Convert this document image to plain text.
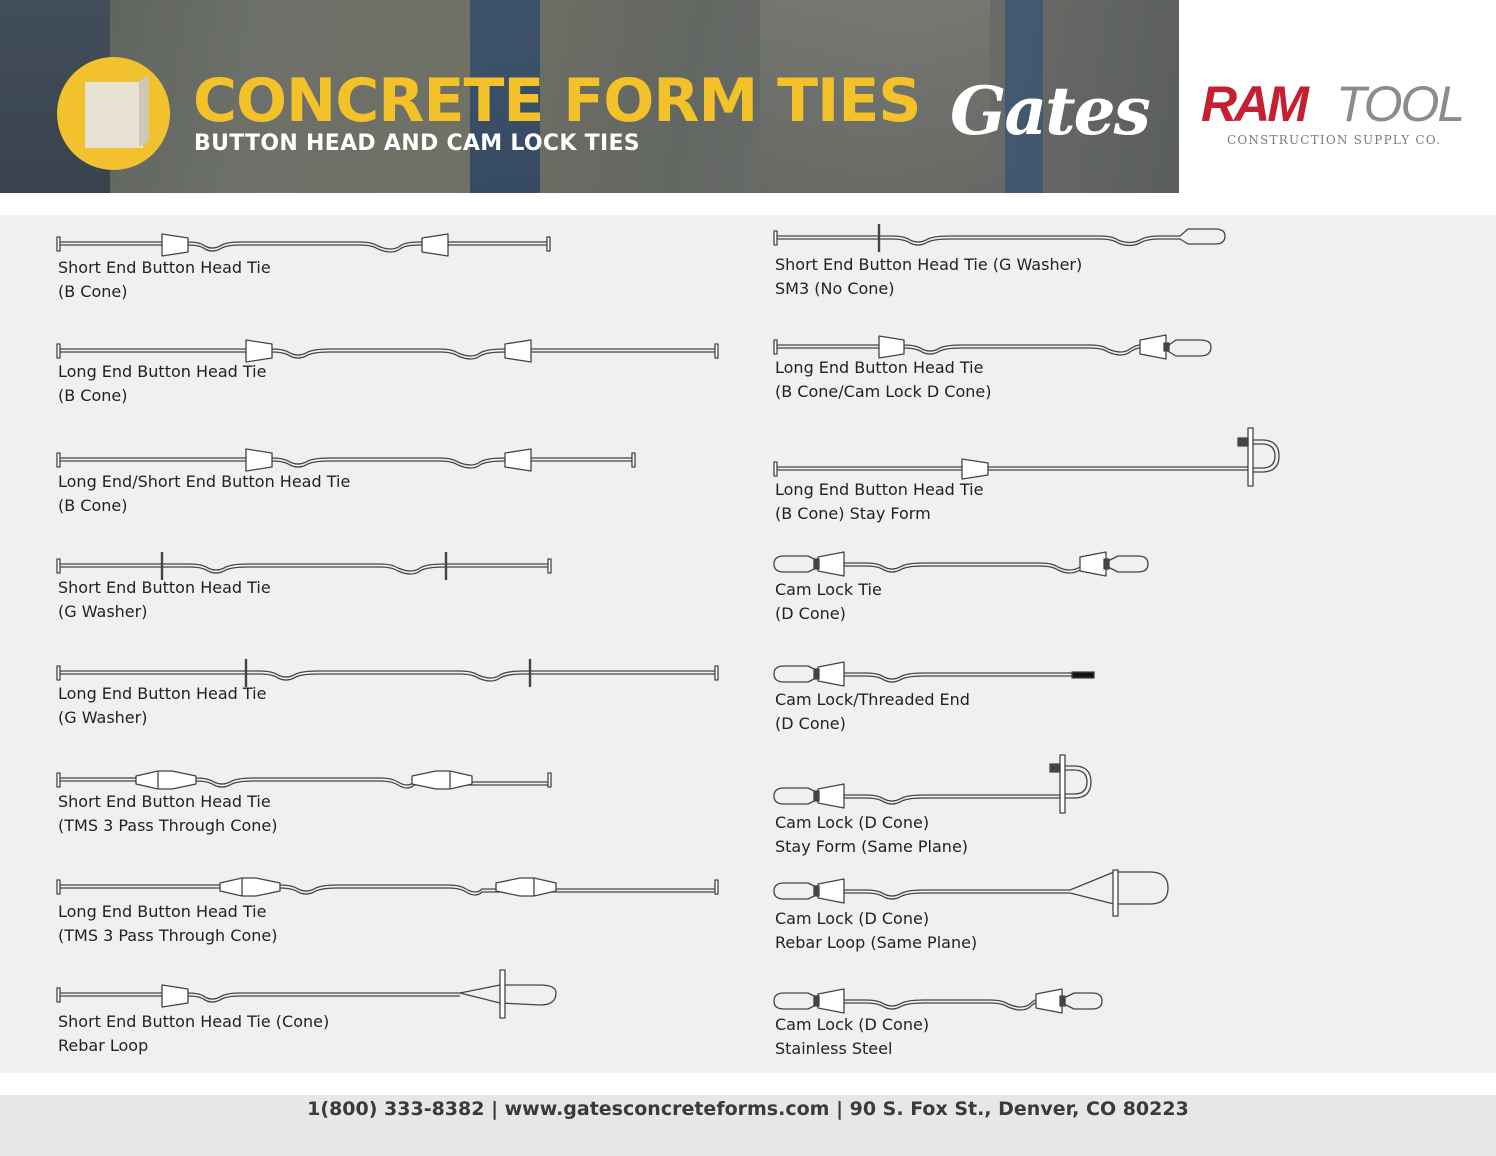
CONCRETE FORM TIES
BUTTON HEAD AND CAM LOCK TIES	Gates RAM TOOL
CONSTRUCTION SUPPLY CO.
Short End Button Head Tie
(B Cone)
Long End Button Head Tie
(B Cone)
Long End/Short End Button Head Tie
(B Cone)
Short End Button Head Tie
(G Washer)
Long End Button Head Tie
(G Washer)
Short End Button Head Tie
(TMS 3 Pass Through Cone)
Long End Button Head Tie
(TMS 3 Pass Through Cone)
Short End Button Head Tie (Cone)
Rebar Loop
Short End Button Head Tie (G Washer)
SM3 (No Cone)
Long End Button Head Tie
(B Cone/Cam Lock D Cone)
Long End Button Head Tie
(B Cone) Stay Form
Cam Lock Tie
(D Cone)
Cam Lock/Threaded End
(D Cone)
Cam Lock (D Cone)
Stay Form (Same Plane)
Cam Lock (D Cone)
Rebar Loop (Same Plane)
Cam Lock (D Cone)
Stainless Steel
1(800) 333-8382 | www.gatesconcreteforms.com | 90 S. Fox St., Denver, CO 80223
